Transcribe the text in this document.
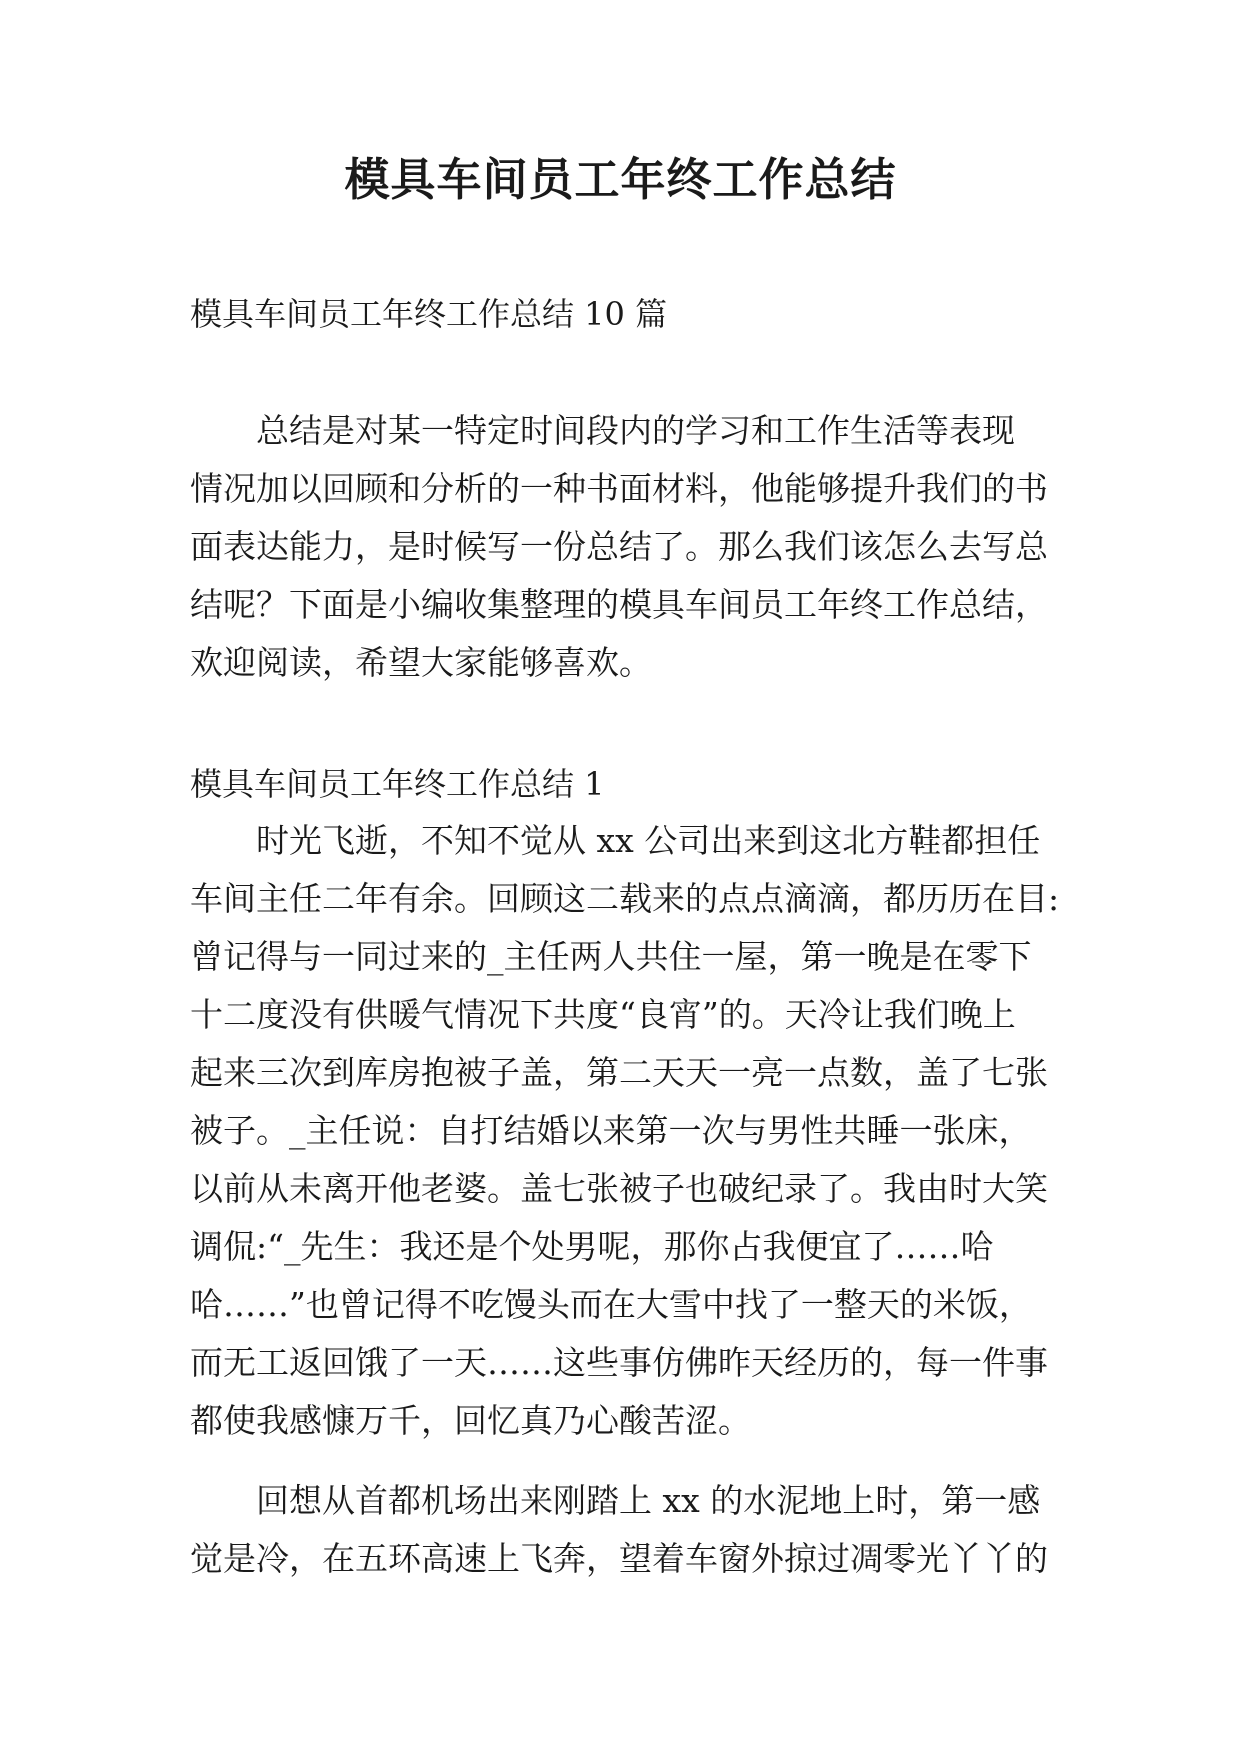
模具车间员工年终工作总结

模具车间员工年终工作总结 10 篇

总结是对某一特定时间段内的学习和工作生活等表现
情况加以回顾和分析的一种书面材料，他能够提升我们的书
面表达能力，是时候写一份总结了。那么我们该怎么去写总
结呢？下面是小编收集整理的模具车间员工年终工作总结，
欢迎阅读，希望大家能够喜欢。

模具车间员工年终工作总结 1

时光飞逝，不知不觉从 xx 公司出来到这北方鞋都担任
车间主任二年有余。回顾这二载来的点点滴滴，都历历在目:
曾记得与一同过来的_主任两人共住一屋，第一晚是在零下
十二度没有供暖气情况下共度“良宵”的。天冷让我们晚上
起来三次到库房抱被子盖，第二天天一亮一点数，盖了七张
被子。_主任说：自打结婚以来第一次与男性共睡一张床，
以前从未离开他老婆。盖七张被子也破纪录了。我由时大笑
调侃:“_先生：我还是个处男呢，那你占我便宜了……哈
哈……”也曾记得不吃馒头而在大雪中找了一整天的米饭，
而无工返回饿了一天……这些事仿佛昨天经历的，每一件事
都使我感慷万千，回忆真乃心酸苦涩。
回想从首都机场出来刚踏上 xx 的水泥地上时，第一感
觉是冷，在五环高速上飞奔，望着车窗外掠过凋零光丫丫的
